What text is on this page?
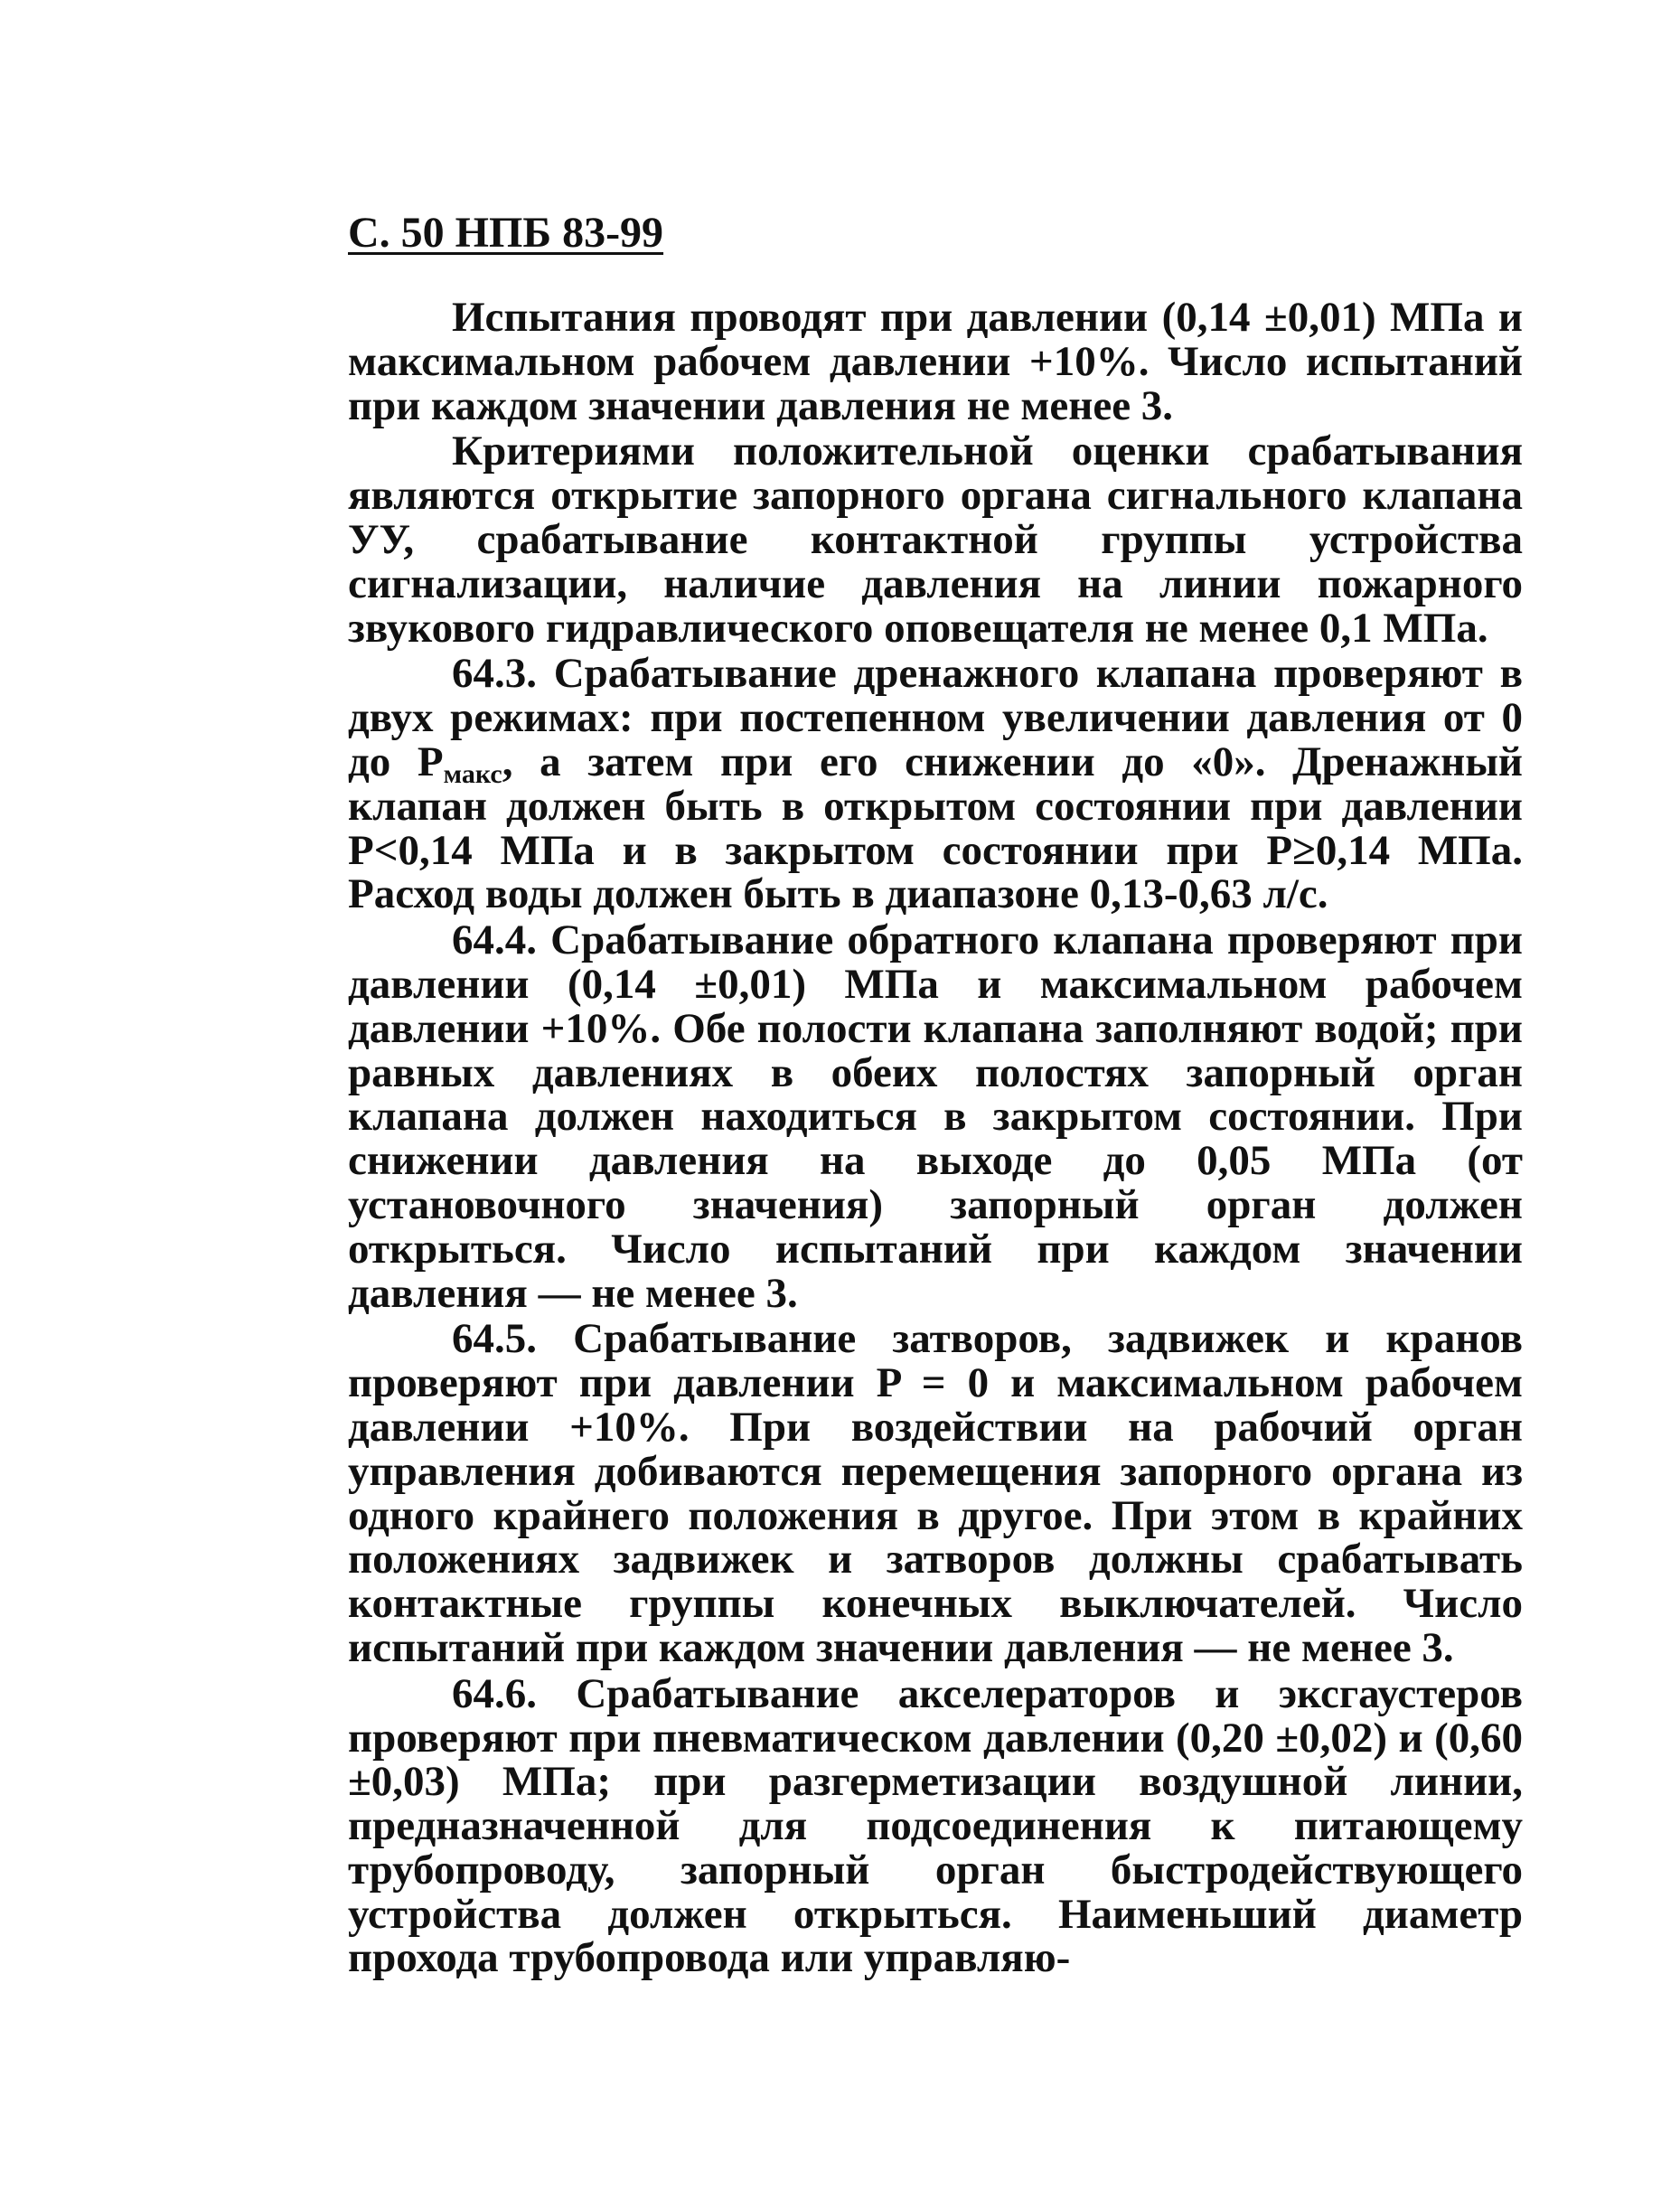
С. 50 НПБ 83-99

Испытания проводят при давлении (0,14 ±0,01) МПа и максимальном рабочем давлении +10%. Число испытаний при каждом значении давления не менее 3.

Критериями положительной оценки срабатывания являются открытие запорного органа сигнального клапана УУ, срабатывание контактной группы устройства сигнализации, наличие давления на линии пожарного звукового гидравлического оповещателя не менее 0,1 МПа.

64.3. Срабатывание дренажного клапана проверяют в двух режимах: при постепенном увеличении давления от 0 до $P_{макс}$, а затем при его снижении до «0». Дренажный клапан должен быть в открытом состоянии при давлении P<0,14 МПа и в закрытом состоянии при P≥0,14 МПа. Расход воды должен быть в диапазоне 0,13-0,63 л/с.

64.4. Срабатывание обратного клапана проверяют при давлении (0,14 ±0,01) МПа и максимальном рабочем давлении +10%. Обе полости клапана заполняют водой; при равных давлениях в обеих полостях запорный орган клапана должен находиться в закрытом состоянии. При снижении давления на выходе до 0,05 МПа (от установочного значения) запорный орган должен открыться. Число испытаний при каждом значении давления — не менее 3.

64.5. Срабатывание затворов, задвижек и кранов проверяют при давлении P = 0 и максимальном рабочем давлении +10%. При воздействии на рабочий орган управления добиваются перемещения запорного органа из одного крайнего положения в другое. При этом в крайних положениях задвижек и затворов должны срабатывать контактные группы конечных выключателей. Число испытаний при каждом значении давления — не менее 3.

64.6. Срабатывание акселераторов и эксгаустеров проверяют при пневматическом давлении (0,20 ±0,02) и (0,60 ±0,03) МПа; при разгерметизации воздушной линии, предназначенной для подсоединения к питающему трубопроводу, запорный орган быстродействующего устройства должен открыться. Наименьший диаметр прохода трубопровода или управляю-
